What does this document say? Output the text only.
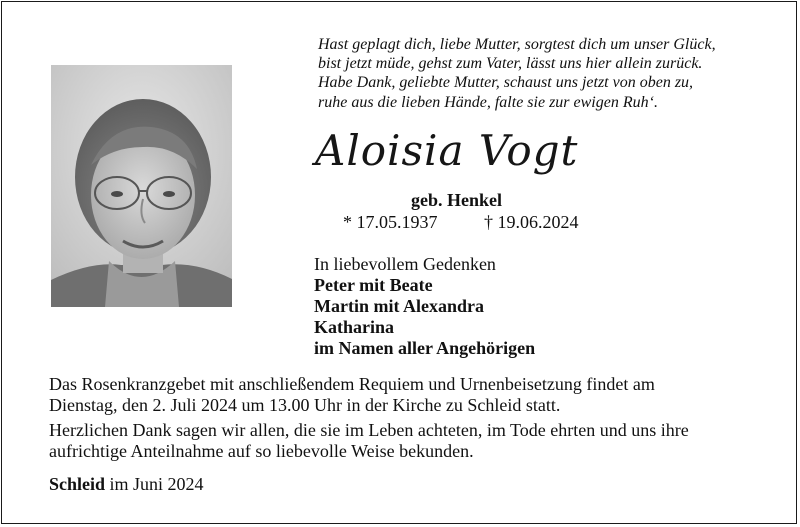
Hast geplagt dich, liebe Mutter, sorgtest dich um unser Glück,
bist jetzt müde, gehst zum Vater, lässt uns hier allein zurück.
Habe Dank, geliebte Mutter, schaust uns jetzt von oben zu,
ruhe aus die lieben Hände, falte sie zur ewigen Ruh‘.
Aloisia Vogt
geb. Henkel
* 17.05.1937	† 19.06.2024
In liebevollem Gedenken
Peter mit Beate
Martin mit Alexandra
Katharina
im Namen aller Angehörigen
Das Rosenkranzgebet mit anschließendem Requiem und Urnenbeisetzung findet am
Dienstag, den 2. Juli 2024 um 13.00 Uhr in der Kirche zu Schleid statt.
Herzlichen Dank sagen wir allen, die sie im Leben achteten, im Tode ehrten und uns ihre
aufrichtige Anteilnahme auf so liebevolle Weise bekunden.
Schleid im Juni 2024
